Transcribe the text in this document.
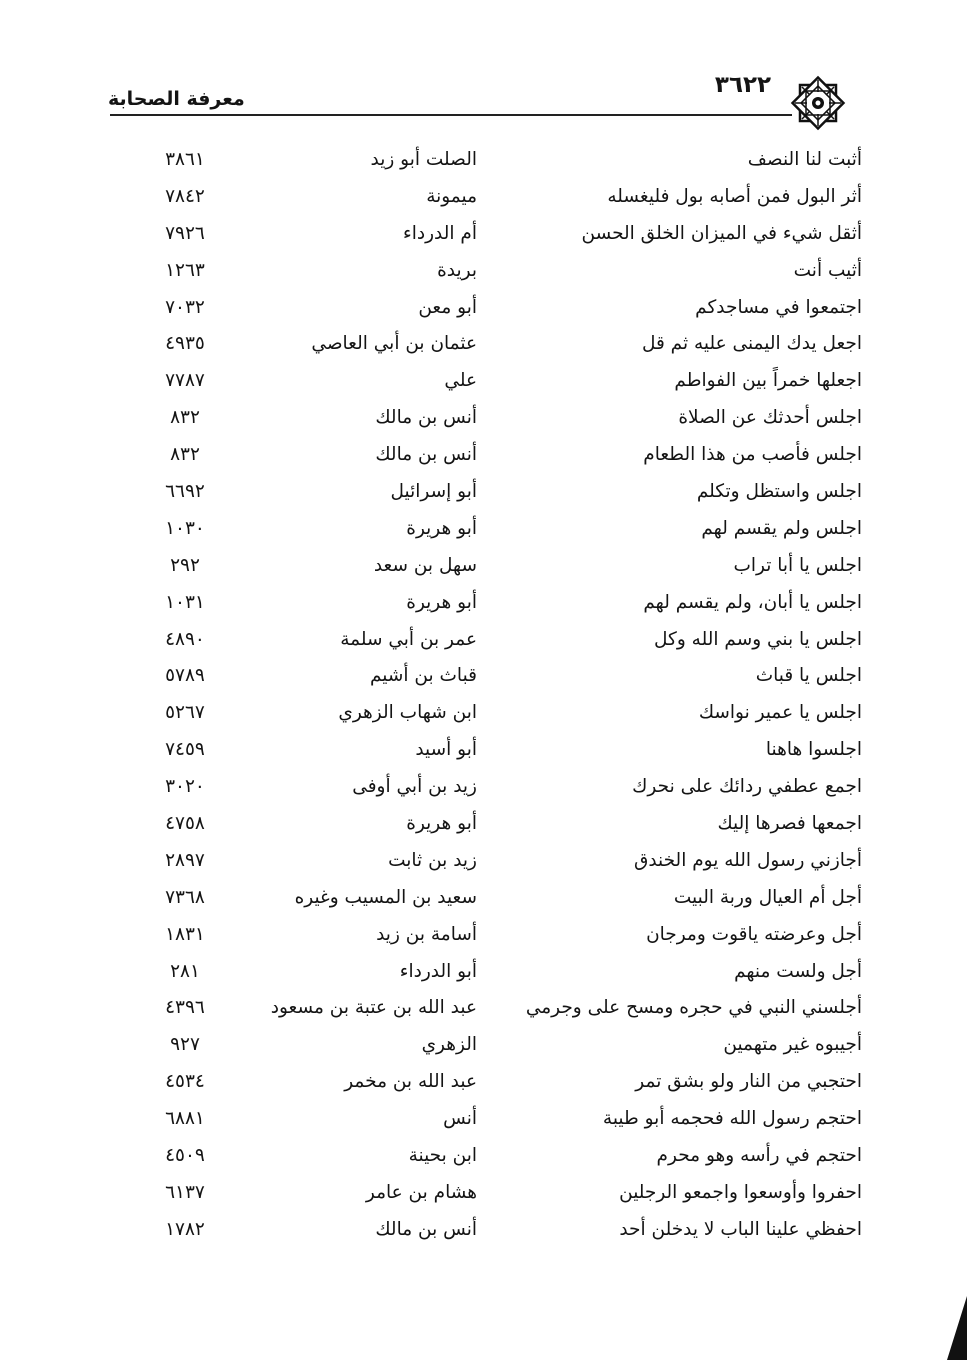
٣٦٢٢
معرفة الصحابة
أثبت لنا النصف
الصلت أبو زيد
٣٨٦١
أثر البول فمن أصابه بول فليغسله
ميمونة
٧٨٤٢
أثقل شيء في الميزان الخلق الحسن
أم الدرداء
٧٩٢٦
أثيب أنت
بريدة
١٢٦٣
اجتمعوا في مساجدكم
أبو معن
٧٠٣٢
اجعل يدك اليمنى عليه ثم قل
عثمان بن أبي العاصي
٤٩٣٥
اجعلها خمراً بين الفواطم
علي
٧٧٨٧
اجلس أحدثك عن الصلاة
أنس بن مالك
٨٣٢
اجلس فأصب من هذا الطعام
أنس بن مالك
٨٣٢
اجلس واستظل وتكلم
أبو إسرائيل
٦٦٩٢
اجلس ولم يقسم لهم
أبو هريرة
١٠٣٠
اجلس يا أبا تراب
سهل بن سعد
٢٩٢
اجلس يا أبان، ولم يقسم لهم
أبو هريرة
١٠٣١
اجلس يا بني وسم الله وكل
عمر بن أبي سلمة
٤٨٩٠
اجلس يا قباث
قباث بن أشيم
٥٧٨٩
اجلس يا عمير نواسك
ابن شهاب الزهري
٥٢٦٧
اجلسوا هاهنا
أبو أسيد
٧٤٥٩
اجمع عطفي ردائك على نحرك
زيد بن أبي أوفى
٣٠٢٠
اجمعها فصرها إليك
أبو هريرة
٤٧٥٨
أجازني رسول الله يوم الخندق
زيد بن ثابت
٢٨٩٧
أجل أم العيال وربة البيت
سعيد بن المسيب وغيره
٧٣٦٨
أجل وعرضته ياقوت ومرجان
أسامة بن زيد
١٨٣١
أجل ولست منهم
أبو الدرداء
٢٨١
أجلسني النبي في حجره ومسح على وجرمي
عبد الله بن عتبة بن مسعود
٤٣٩٦
أجيبوه غير متهمين
الزهري
٩٢٧
احتجبي من النار ولو بشق تمر
عبد الله بن مخمر
٤٥٣٤
احتجم رسول الله فحجمه أبو طيبة
أنس
٦٨٨١
احتجم في رأسه وهو محرم
ابن بحينة
٤٥٠٩
احفروا وأوسعوا واجمعو الرجلين
هشام بن عامر
٦١٣٧
احفظي علينا الباب لا يدخلن أحد
أنس بن مالك
١٧٨٢
